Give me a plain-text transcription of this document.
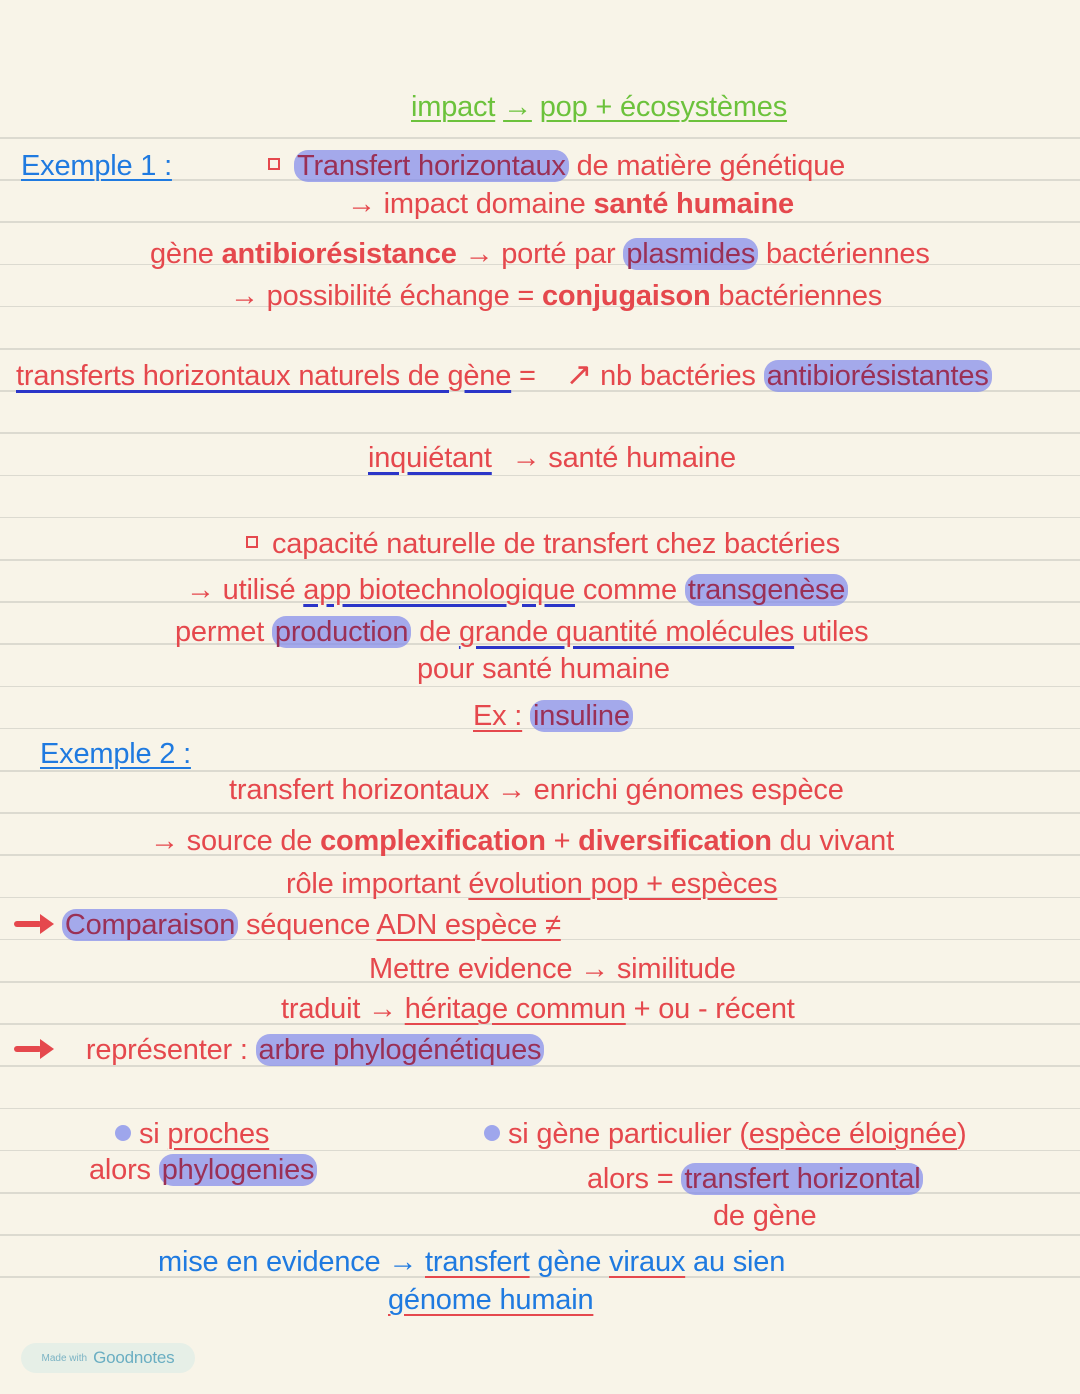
impact → pop + écosystèmes
Exemple 1 :	Transfert horizontaux de matière génétique
→ impact domaine santé humaine
gène antibiorésistance → porté par plasmides bactériennes
→ possibilité échange = conjugaison bactériennes
transferts horizontaux naturels de gène = ↗ nb bactéries antibiorésistantes
inquiétant → santé humaine
capacité naturelle de transfert chez bactéries
→ utilisé app biotechnologique comme transgenèse
permet production de grande quantité molécules utiles
pour santé humaine
Ex : insuline
Exemple 2 :
transfert horizontaux → enrichi génomes espèce
→ source de complexification + diversification du vivant
rôle important évolution pop + espèces
Comparaison séquence ADN espèce ≠
Mettre evidence → similitude
traduit → héritage commun + ou - récent
représenter : arbre phylogénétiques
si proches
alors phylogenies
si gène particulier (espèce éloignée)
alors = transfert horizontal
de gène
mise en evidence → transfert gène viraux au sien
génome humain
Made with Goodnotes
